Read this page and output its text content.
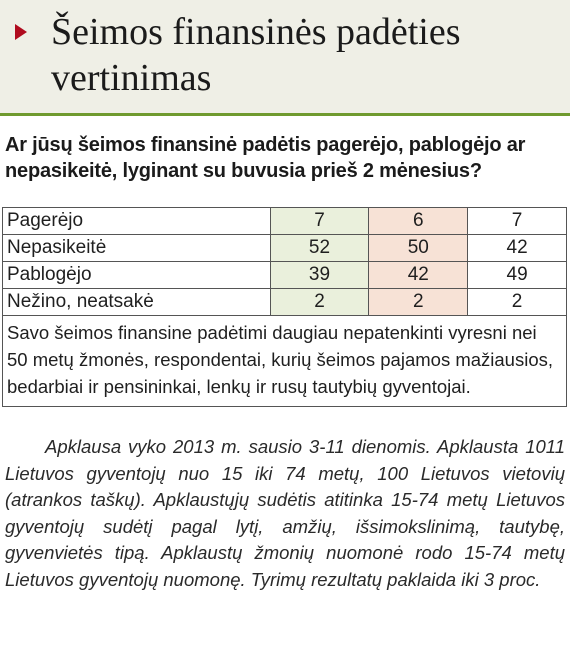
Šeimos finansinės padėties vertinimas

Ar jūsų šeimos finansinė padėtis pagerėjo, pablogėjo ar nepasikeitė, lyginant su buvusia prieš 2 mėnesius?

Pagerėjo	7	6	7
Nepasikeitė	52	50	42
Pablogėjo	39	42	49
Nežino, neatsakė	2	2	2
Savo šeimos finansine padėtimi daugiau nepatenkinti vyresni nei 50 metų žmonės, respondentai, kurių šeimos pajamos mažiausios, bedarbiai ir pensininkai, lenkų ir rusų tautybių gyventojai.			

Apklausa vyko 2013 m. sausio 3-11 dienomis. Apklausta 1011 Lietuvos gyventojų nuo 15 iki 74 metų, 100 Lietuvos vietovių (atrankos taškų). Apklaustųjų sudėtis atitinka 15-74 metų Lietuvos gyventojų sudėtį pagal lytį, amžių, išsimokslinimą, tautybę, gyvenvietės tipą. Apklaustų žmonių nuomonė rodo 15-74 metų Lietuvos gyventojų nuomonę. Tyrimų rezultatų paklaida iki 3 proc.
